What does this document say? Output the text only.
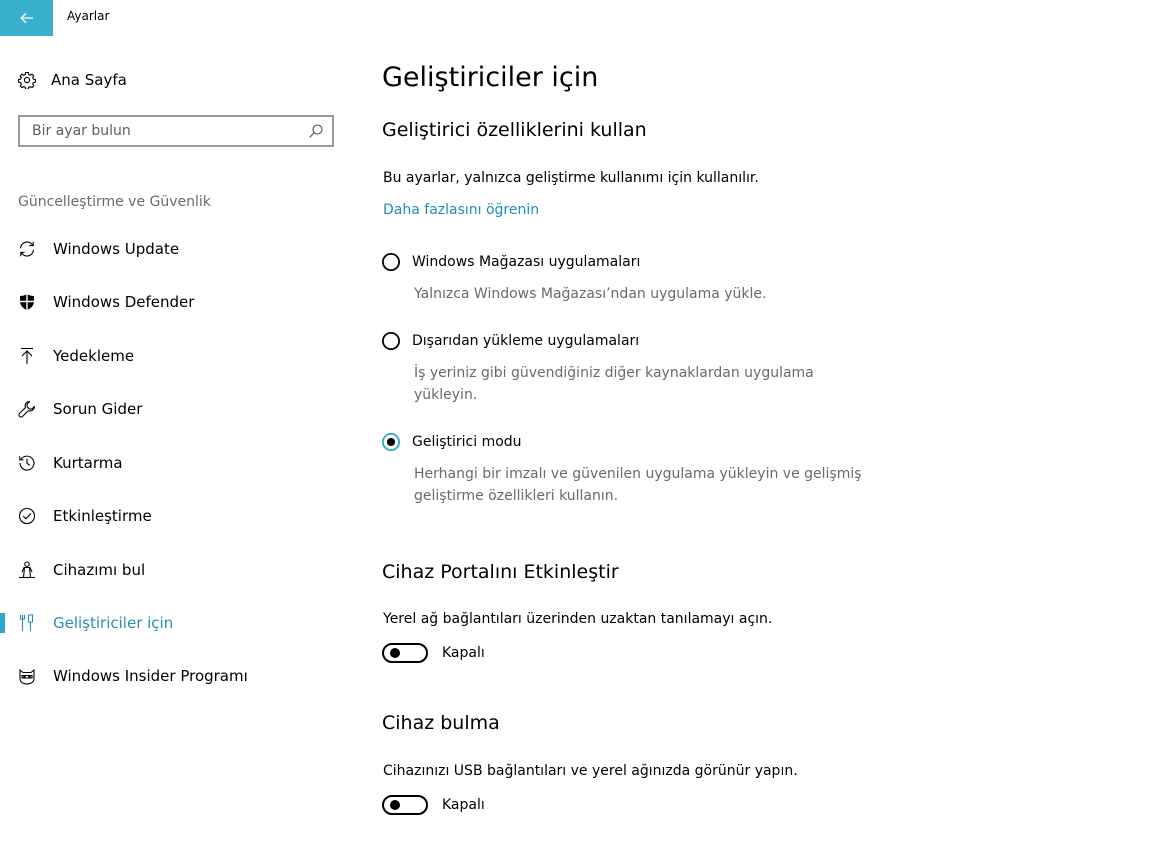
Ayarlar
Ana Sayfa
Bir ayar bulun
Güncelleştirme ve Güvenlik
Windows Update
Windows Defender
Yedekleme
Sorun Gider
Kurtarma
Etkinleştirme
Cihazımı bul
Geliştiriciler için
Windows Insider Programı
Geliştiriciler için
Geliştirici özelliklerini kullan
Bu ayarlar, yalnızca geliştirme kullanımı için kullanılır.
Daha fazlasını öğrenin
Windows Mağazası uygulamaları
Yalnızca Windows Mağazası’ndan uygulama yükle.
Dışarıdan yükleme uygulamaları
İş yeriniz gibi güvendiğiniz diğer kaynaklardan uygulama yükleyin.
Geliştirici modu
Herhangi bir imzalı ve güvenilen uygulama yükleyin ve gelişmiş geliştirme özellikleri kullanın.
Cihaz Portalını Etkinleştir
Yerel ağ bağlantıları üzerinden uzaktan tanılamayı açın.
Kapalı
Cihaz bulma
Cihazınızı USB bağlantıları ve yerel ağınızda görünür yapın.
Kapalı
